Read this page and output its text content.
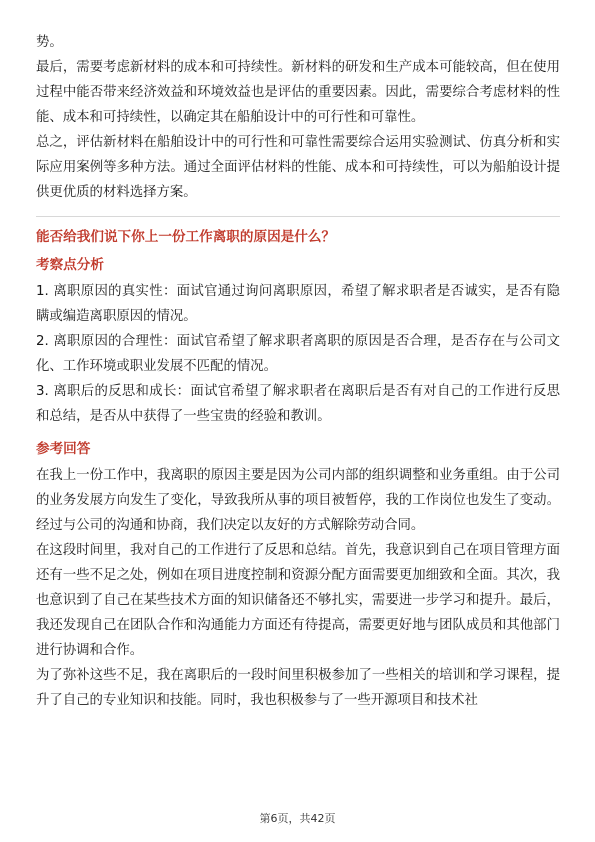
势。

最后，需要考虑新材料的成本和可持续性。新材料的研发和生产成本可能较高，但在使用过程中能否带来经济效益和环境效益也是评估的重要因素。因此，需要综合考虑材料的性能、成本和可持续性，以确定其在船舶设计中的可行性和可靠性。

总之，评估新材料在船舶设计中的可行性和可靠性需要综合运用实验测试、仿真分析和实际应用案例等多种方法。通过全面评估材料的性能、成本和可持续性，可以为船舶设计提供更优质的材料选择方案。

能否给我们说下你上一份工作离职的原因是什么？
考察点分析

1. 离职原因的真实性：面试官通过询问离职原因，希望了解求职者是否诚实，是否有隐瞒或编造离职原因的情况。

2. 离职原因的合理性：面试官希望了解求职者离职的原因是否合理，是否存在与公司文化、工作环境或职业发展不匹配的情况。

3. 离职后的反思和成长：面试官希望了解求职者在离职后是否有对自己的工作进行反思和总结，是否从中获得了一些宝贵的经验和教训。

参考回答

在我上一份工作中，我离职的原因主要是因为公司内部的组织调整和业务重组。由于公司的业务发展方向发生了变化，导致我所从事的项目被暂停，我的工作岗位也发生了变动。经过与公司的沟通和协商，我们决定以友好的方式解除劳动合同。

在这段时间里，我对自己的工作进行了反思和总结。首先，我意识到自己在项目管理方面还有一些不足之处，例如在项目进度控制和资源分配方面需要更加细致和全面。其次，我也意识到了自己在某些技术方面的知识储备还不够扎实，需要进一步学习和提升。最后，我还发现自己在团队合作和沟通能力方面还有待提高，需要更好地与团队成员和其他部门进行协调和合作。

为了弥补这些不足，我在离职后的一段时间里积极参加了一些相关的培训和学习课程，提升了自己的专业知识和技能。同时，我也积极参与了一些开源项目和技术社

第6页，共42页
